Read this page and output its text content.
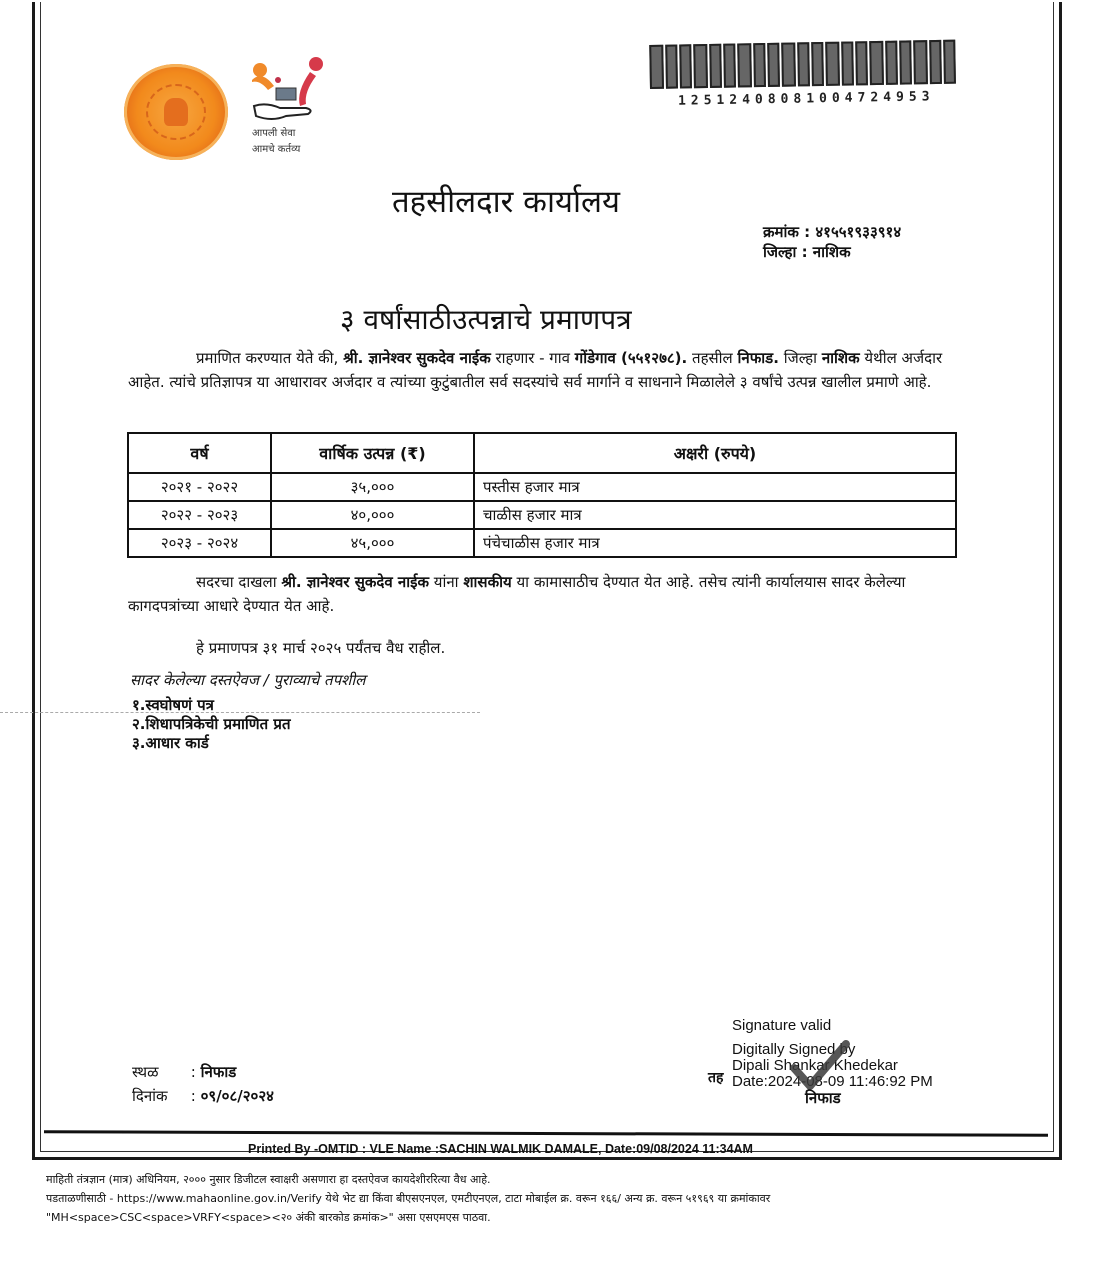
आपली सेवा
आमचे कर्तव्य
12512408081004724953
तहसीलदार कार्यालय
क्रमांक : ४१५५१९३३९१४
जिल्हा : नाशिक
३ वर्षांसाठीउत्पन्नाचे प्रमाणपत्र
प्रमाणित करण्यात येते की, श्री. ज्ञानेश्वर सुकदेव नाईक राहणार - गाव गोंडेगाव (५५१२७८). तहसील निफाड. जिल्हा नाशिक येथील अर्जदार आहेत. त्यांचे प्रतिज्ञापत्र या आधारावर अर्जदार व त्यांच्या कुटुंबातील सर्व सदस्यांचे सर्व मार्गाने व साधनाने मिळालेले ३ वर्षांचे उत्पन्न खालील प्रमाणे आहे.
वर्ष	वार्षिक उत्पन्न (₹)	अक्षरी (रुपये)
२०२१ - २०२२	३५,०००	पस्तीस हजार मात्र
२०२२ - २०२३	४०,०००	चाळीस हजार मात्र
२०२३ - २०२४	४५,०००	पंचेचाळीस हजार मात्र
सदरचा दाखला श्री. ज्ञानेश्वर सुकदेव नाईक यांना शासकीय या कामासाठीच देण्यात येत आहे. तसेच त्यांनी कार्यालयास सादर केलेल्या कागदपत्रांच्या आधारे देण्यात येत आहे.
हे प्रमाणपत्र ३१ मार्च २०२५ पर्यंतच वैध राहील.
सादर केलेल्या दस्तऐवज / पुराव्याचे तपशील
१.स्वघोषणं पत्र
२.शिधापत्रिकेची प्रमाणित प्रत
३.आधार कार्ड
Signature valid
Digitally Signed by
Dipali Shankar Khedekar
Date:2024-08-09 11:46:92 PM
तह
निफाड
स्थळ : निफाड
दिनांक : ०९/०८/२०२४
Printed By -OMTID : VLE Name :SACHIN WALMIK DAMALE, Date:09/08/2024 11:34AM
माहिती तंत्रज्ञान (मात्र) अधिनियम, २००० नुसार डिजीटल स्वाक्षरी असणारा हा दस्तऐवज कायदेशीररित्या वैध आहे.
पडताळणीसाठी - https://www.mahaonline.gov.in/Verify येथे भेट द्या किंवा बीएसएनएल, एमटीएनएल, टाटा मोबाईल क्र. वरून १६६/ अन्य क्र. वरून ५१९६९ या क्रमांकावर
"MH<space>CSC<space>VRFY<space><२० अंकी बारकोड क्रमांक>" असा एसएमएस पाठवा.
